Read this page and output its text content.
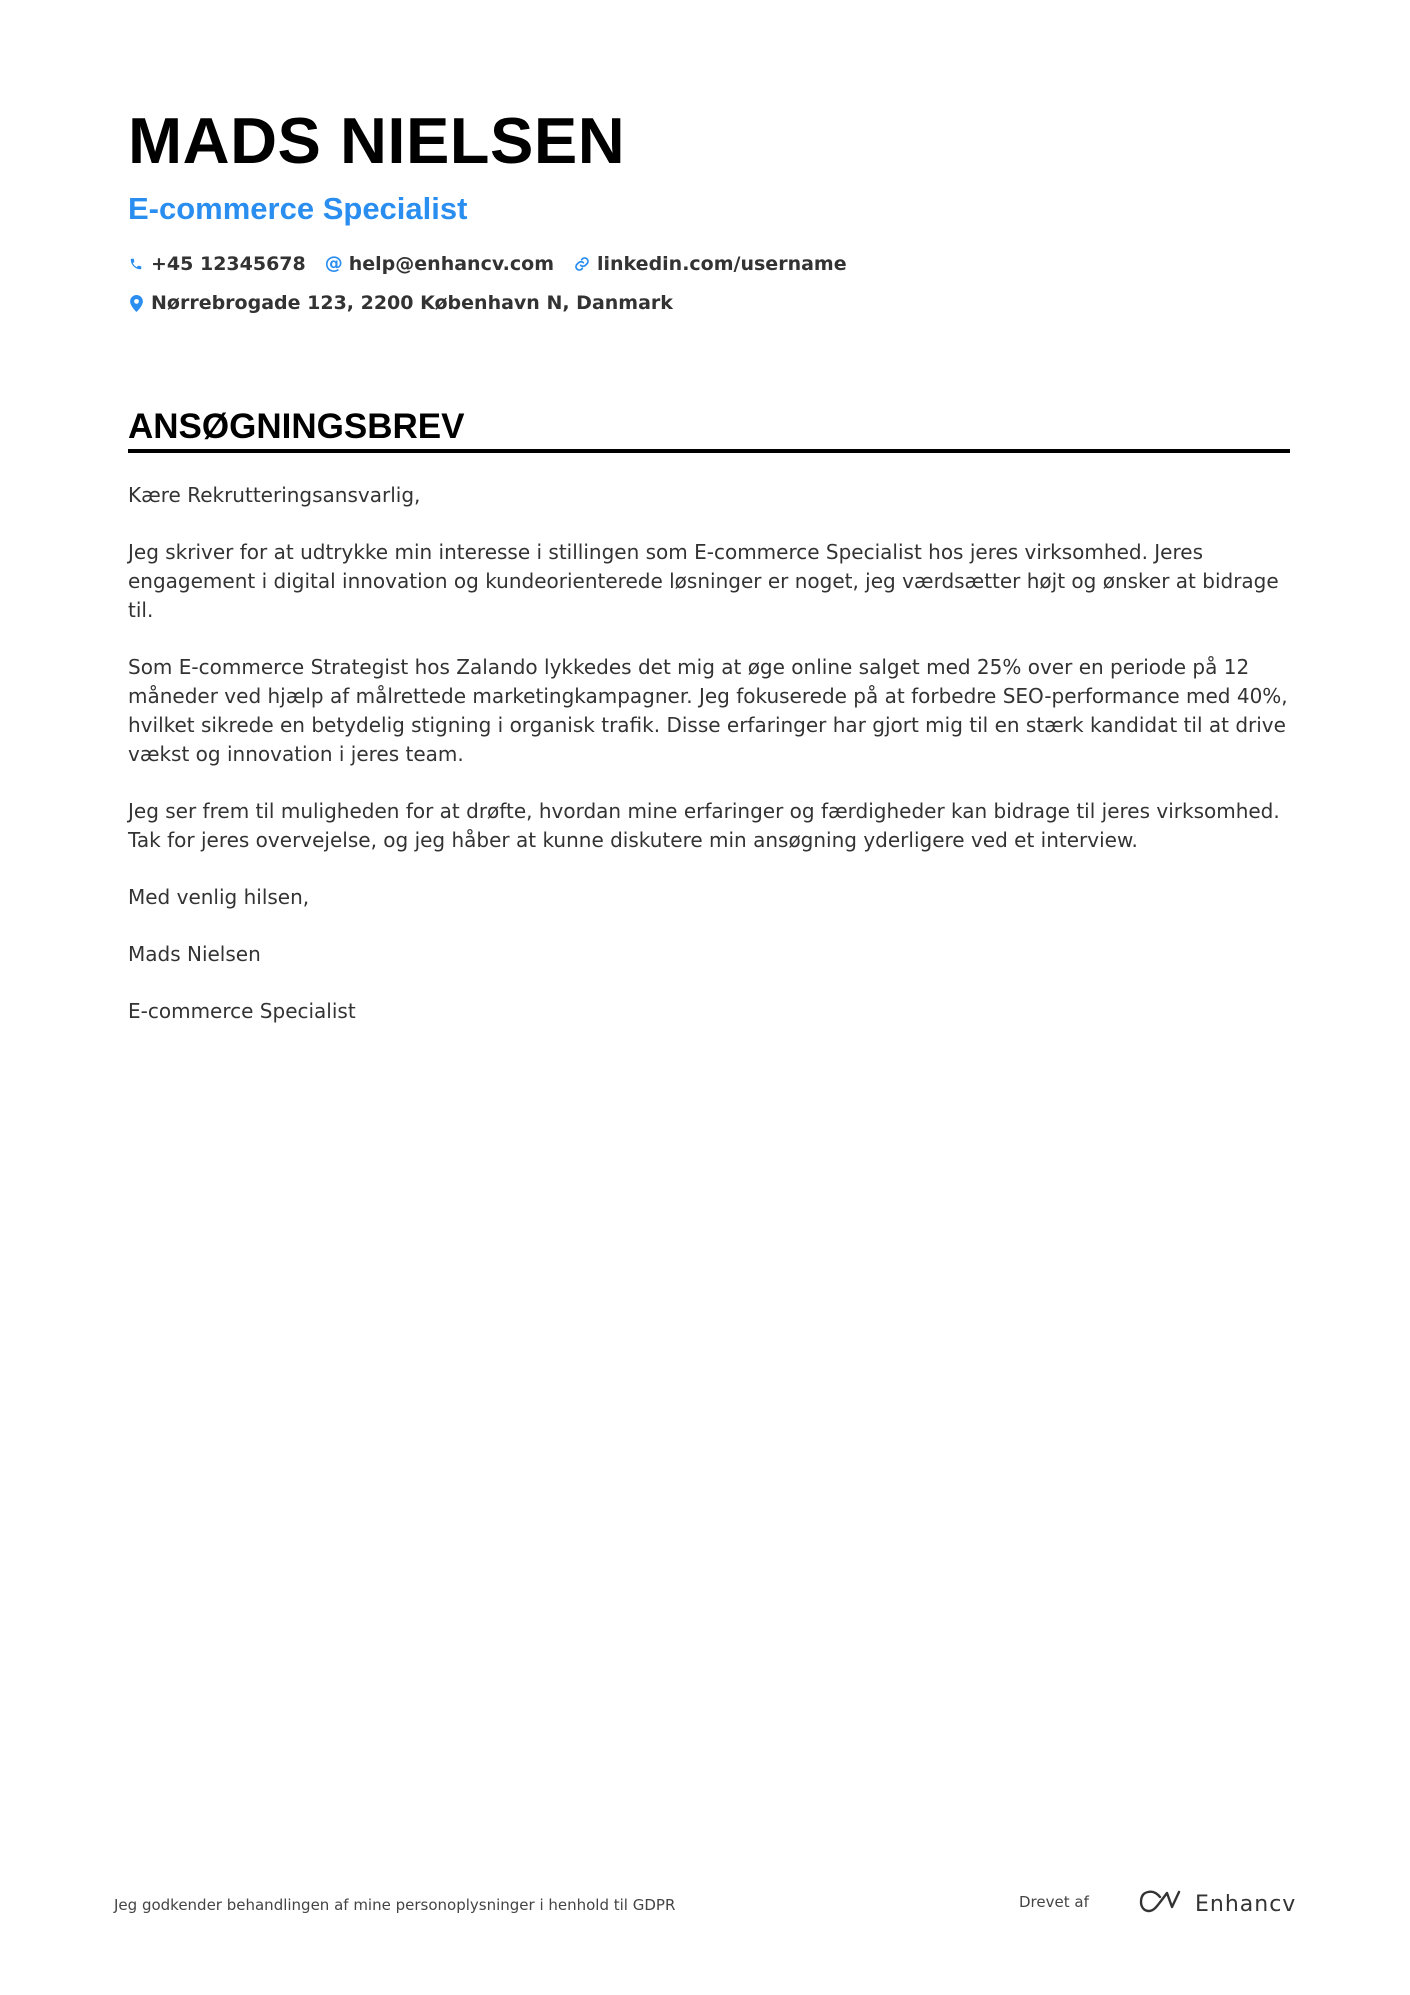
MADS NIELSEN
E-commerce Specialist
+45 12345678 @ help@enhancv.com linkedin.com/username
Nørrebrogade 123, 2200 København N, Danmark
ANSØGNINGSBREV

Kære Rekrutteringsansvarlig,

Jeg skriver for at udtrykke min interesse i stillingen som E-commerce Specialist hos jeres virksomhed. Jeres engagement i digital innovation og kundeorienterede løsninger er noget, jeg værdsætter højt og ønsker at bidrage til.

Som E-commerce Strategist hos Zalando lykkedes det mig at øge online salget med 25% over en periode på 12 måneder ved hjælp af målrettede marketingkampagner. Jeg fokuserede på at forbedre SEO-performance med 40%, hvilket sikrede en betydelig stigning i organisk trafik. Disse erfaringer har gjort mig til en stærk kandidat til at drive vækst og innovation i jeres team.

Jeg ser frem til muligheden for at drøfte, hvordan mine erfaringer og færdigheder kan bidrage til jeres virksomhed. Tak for jeres overvejelse, og jeg håber at kunne diskutere min ansøgning yderligere ved et interview.

Med venlig hilsen,

Mads Nielsen

E-commerce Specialist

Jeg godkender behandlingen af mine personoplysninger i henhold til GDPR	Drevet af	Enhancv
